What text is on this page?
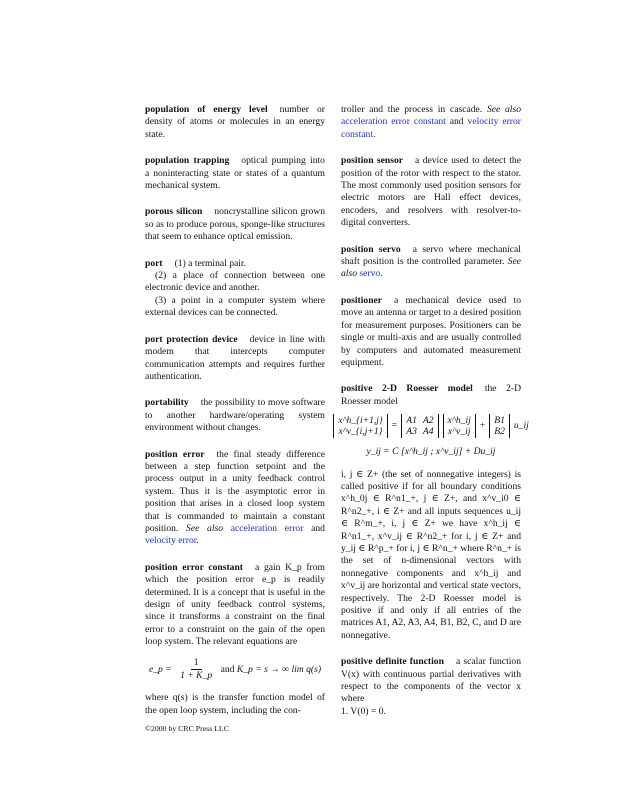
population of energy level number or density of atoms or molecules in an energy state.

population trapping optical pumping into a noninteracting state or states of a quantum mechanical system.

porous silicon noncrystalline silicon grown so as to produce porous, sponge-like structures that seem to enhance optical emission.

port (1) a terminal pair.

(2) a place of connection between one electronic device and another.

(3) a point in a computer system where external devices can be connected.

port protection device device in line with modem that intercepts computer communication attempts and requires further authentication.

portability the possibility to move software to another hardware/operating system environment without changes.

position error the final steady difference between a step function setpoint and the process output in a unity feedback control system. Thus it is the asymptotic error in position that arises in a closed loop system that is commanded to maintain a constant position. See also acceleration error and velocity error.

position error constant a gain K_p from which the position error e_p is readily determined. It is a concept that is useful in the design of unity feedback control systems, since it transforms a constraint on the final error to a constraint on the gain of the open loop system. The relevant equations are

e_p = $\frac{1}{1 + K\_p}$ and K_p = s → ∞ lim q(s)

where q(s) is the transfer function model of the open loop system, including the con-

troller and the process in cascade. See also acceleration error constant and velocity error constant.

position sensor a device used to detect the position of the rotor with respect to the stator. The most commonly used position sensors for electric motors are Hall effect devices, encoders, and resolvers with resolver-to-digital converters.

position servo a servo where mechanical shaft position is the controlled parameter. See also servo.

positioner a mechanical device used to move an antenna or target to a desired position for measurement purposes. Positioners can be single or multi-axis and are usually controlled by computers and automated measurement equipment.

positive 2-D Roesser model the 2-D Roesser model

x^h_{i+1,j}
x^v_{i,j+1}
= A1 A2
A3 A4
x^h_ij
x^v_ij
+ B1
B2
u_ij
y_ij = C [x^h_ij ; x^v_ij] + Du_ij

i, j ∈ Z+ (the set of nonnegative integers) is called positive if for all boundary conditions x^h_0j ∈ R^n1_+, j ∈ Z+, and x^v_i0 ∈ R^n2_+, i ∈ Z+ and all inputs sequences u_ij ∈ R^m_+, i, j ∈ Z+ we have x^h_ij ∈ R^n1_+, x^v_ij ∈ R^n2_+ for i, j ∈ Z+ and y_ij ∈ R^p_+ for i, j ∈ R^n_+ where R^n_+ is the set of n-dimensional vectors with nonnegative components and x^h_ij and x^v_ij are horizontal and vertical state vectors, respectively. The 2-D Roesser model is positive if and only if all entries of the matrices A1, A2, A3, A4, B1, B2, C, and D are nonnegative.

positive definite function a scalar function V(x) with continuous partial derivatives with respect to the components of the vector x where

1. V(0) = 0.

©2000 by CRC Press LLC
